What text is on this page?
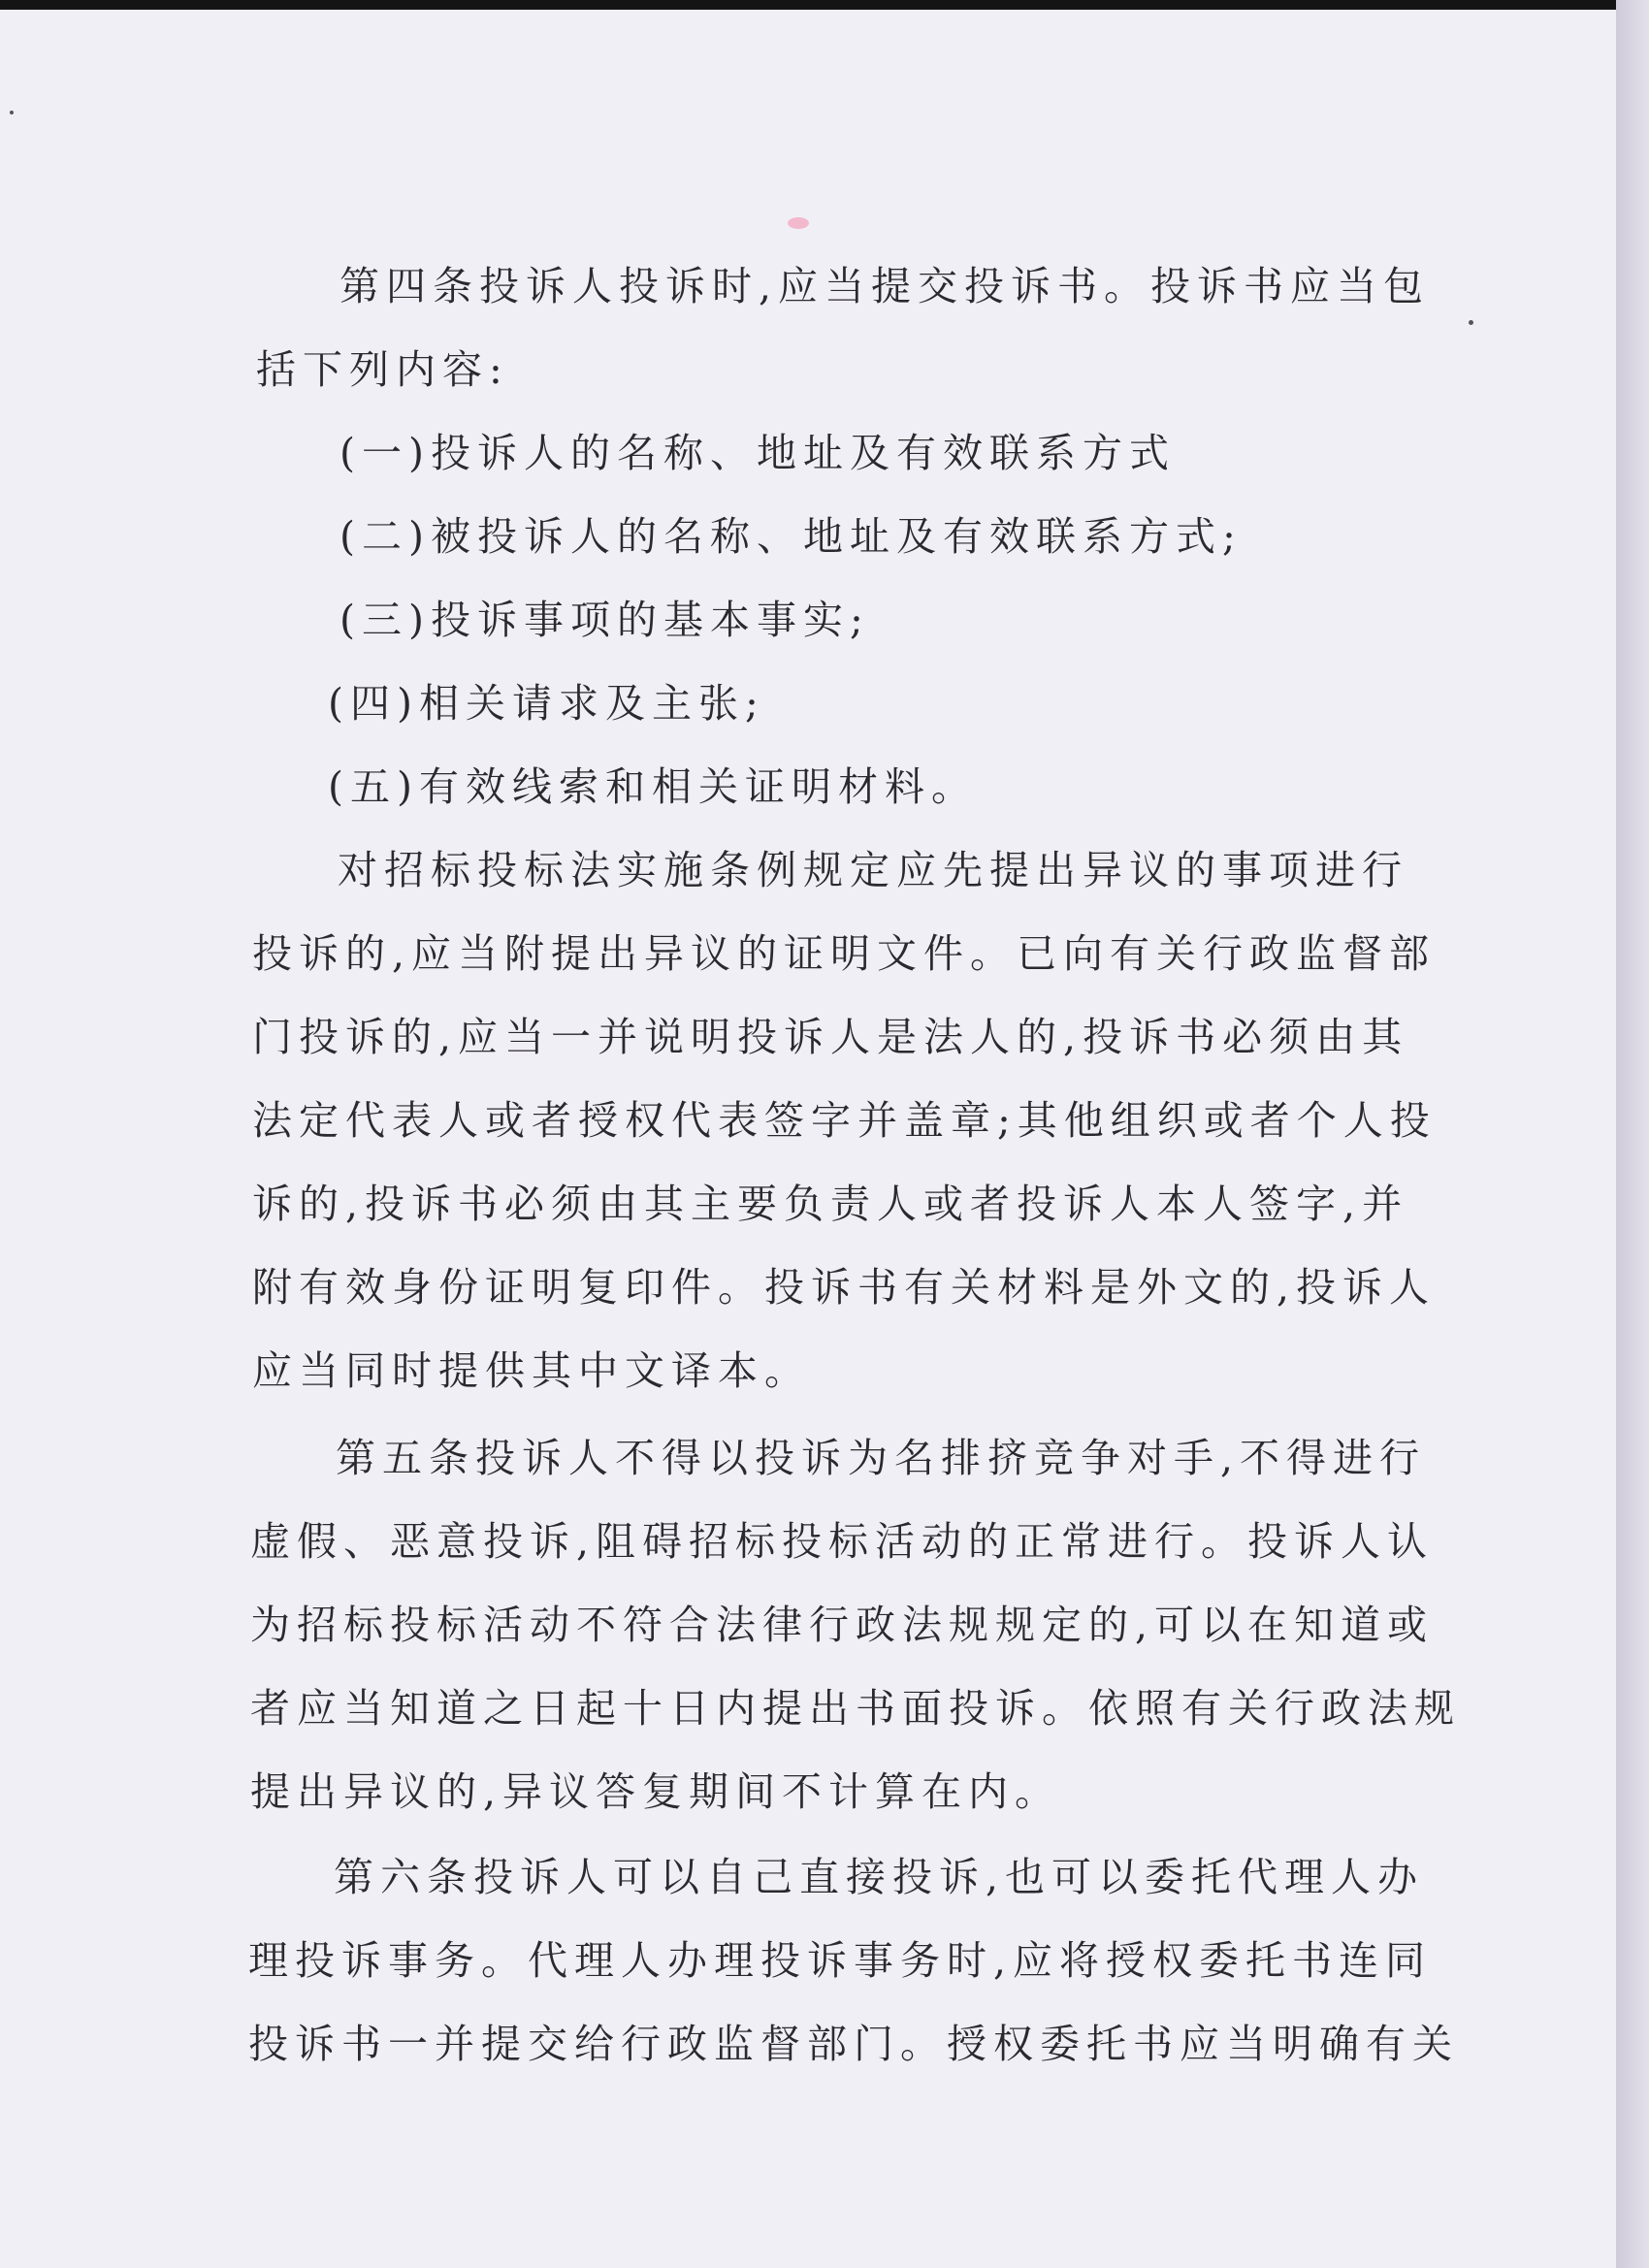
第四条投诉人投诉时,应当提交投诉书。投诉书应当包
括下列内容:
(一)投诉人的名称、地址及有效联系方式
(二)被投诉人的名称、地址及有效联系方式;
(三)投诉事项的基本事实;
(四)相关请求及主张;
(五)有效线索和相关证明材料。
对招标投标法实施条例规定应先提出异议的事项进行
投诉的,应当附提出异议的证明文件。已向有关行政监督部
门投诉的,应当一并说明投诉人是法人的,投诉书必须由其
法定代表人或者授权代表签字并盖章;其他组织或者个人投
诉的,投诉书必须由其主要负责人或者投诉人本人签字,并
附有效身份证明复印件。投诉书有关材料是外文的,投诉人
应当同时提供其中文译本。
第五条投诉人不得以投诉为名排挤竞争对手,不得进行
虚假、恶意投诉,阻碍招标投标活动的正常进行。投诉人认
为招标投标活动不符合法律行政法规规定的,可以在知道或
者应当知道之日起十日内提出书面投诉。依照有关行政法规
提出异议的,异议答复期间不计算在内。
第六条投诉人可以自己直接投诉,也可以委托代理人办
理投诉事务。代理人办理投诉事务时,应将授权委托书连同
投诉书一并提交给行政监督部门。授权委托书应当明确有关
